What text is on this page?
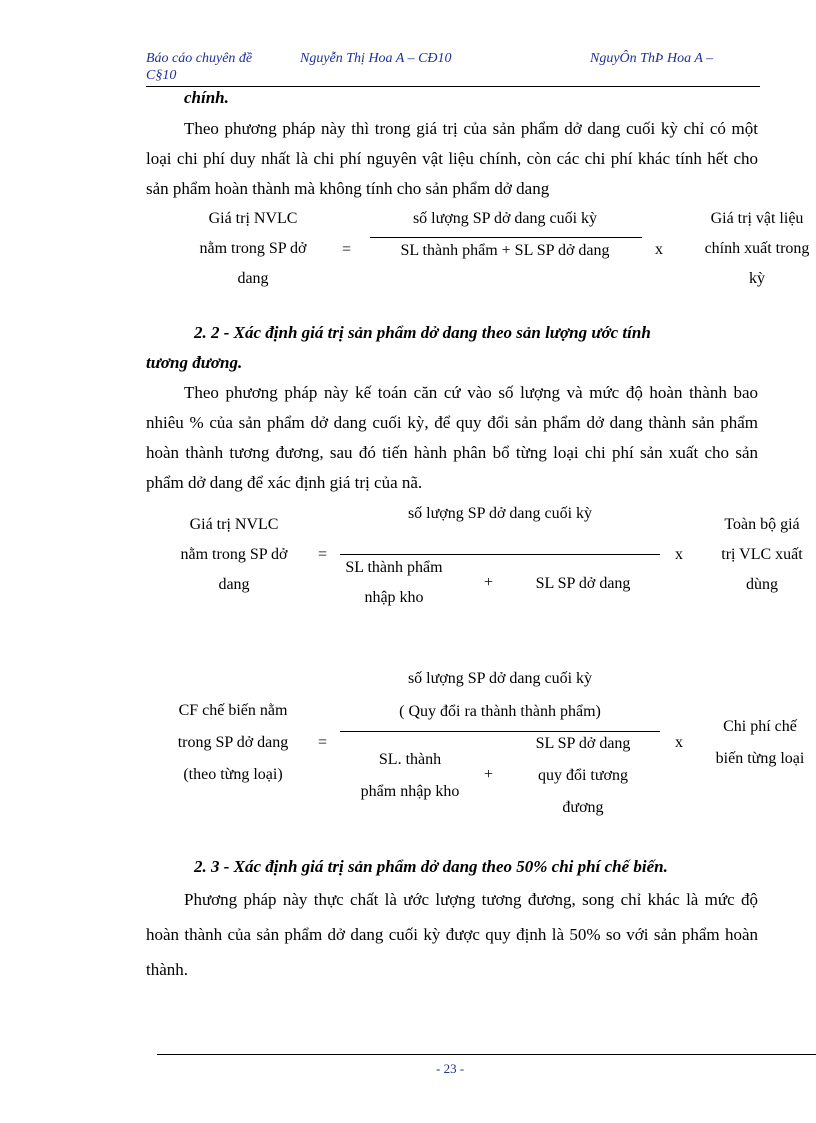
Báo cáo chuyên đề	Nguyễn Thị Hoa A – CĐ10	NguyÔn ThÞ Hoa A –
C§10
chính.
Theo phương pháp này thì trong giá trị của sản phẩm dở dang cuối kỳ chỉ có một loại chi phí duy nhất là chi phí nguyên vật liệu chính, còn các chi phí khác tính hết cho sản phẩm hoàn thành mà không tính cho sản phẩm dở dang
Giá trị NVLC
nằm trong SP dở
dang
=
số lượng SP dở dang cuối kỳ
SL thành phẩm + SL SP dở dang	x
Giá trị vật liệu
chính xuất trong
kỳ
2. 2 - Xác định giá trị sản phẩm dở dang theo sản lượng ước tính
tương đương.
Theo phương pháp này kế toán căn cứ vào số lượng và mức độ hoàn thành bao nhiêu % của sản phẩm dở dang cuối kỳ, để quy đổi sản phẩm dở dang thành sản phẩm hoàn thành tương đương, sau đó tiến hành phân bổ từng loại chi phí sản xuất cho sản phẩm dở dang để xác định giá trị của nã.
Giá trị NVLC
nằm trong SP dở
dang
=
số lượng SP dở dang cuối kỳ
SL thành phẩm
nhập kho
+	SL SP dở dang
x
Toàn bộ giá
trị VLC xuất
dùng
CF chế biến nằm
trong SP dở dang
(theo từng loại)
=
số lượng SP dở dang cuối kỳ
( Quy đổi ra thành thành phẩm)
SL. thành
phẩm nhập kho
+
SL SP dở dang
quy đổi tương
đương
x
Chi phí chế
biến từng loại
2. 3 - Xác định giá trị sản phẩm dở dang theo 50% chi phí chế biến.
Phương pháp này thực chất là ước lượng tương đương, song chỉ khác là mức độ hoàn thành của sản phẩm dở dang cuối kỳ được quy định là 50% so với sản phẩm hoàn thành.
- 23 -
